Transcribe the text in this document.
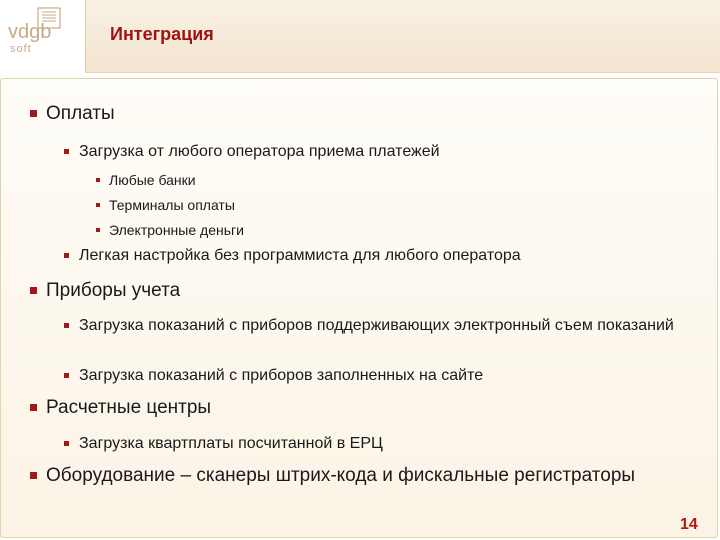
vdgb
soft
Интеграция
Оплаты
Загрузка от любого оператора приема платежей
Любые банки
Терминалы оплаты
Электронные деньги
Легкая настройка без программиста для любого оператора
Приборы учета
Загрузка показаний с приборов поддерживающих электронный съем показаний
Загрузка показаний с приборов заполненных на сайте
Расчетные центры
Загрузка квартплаты посчитанной в ЕРЦ
Оборудование – сканеры штрих-кода и фискальные регистраторы
14
